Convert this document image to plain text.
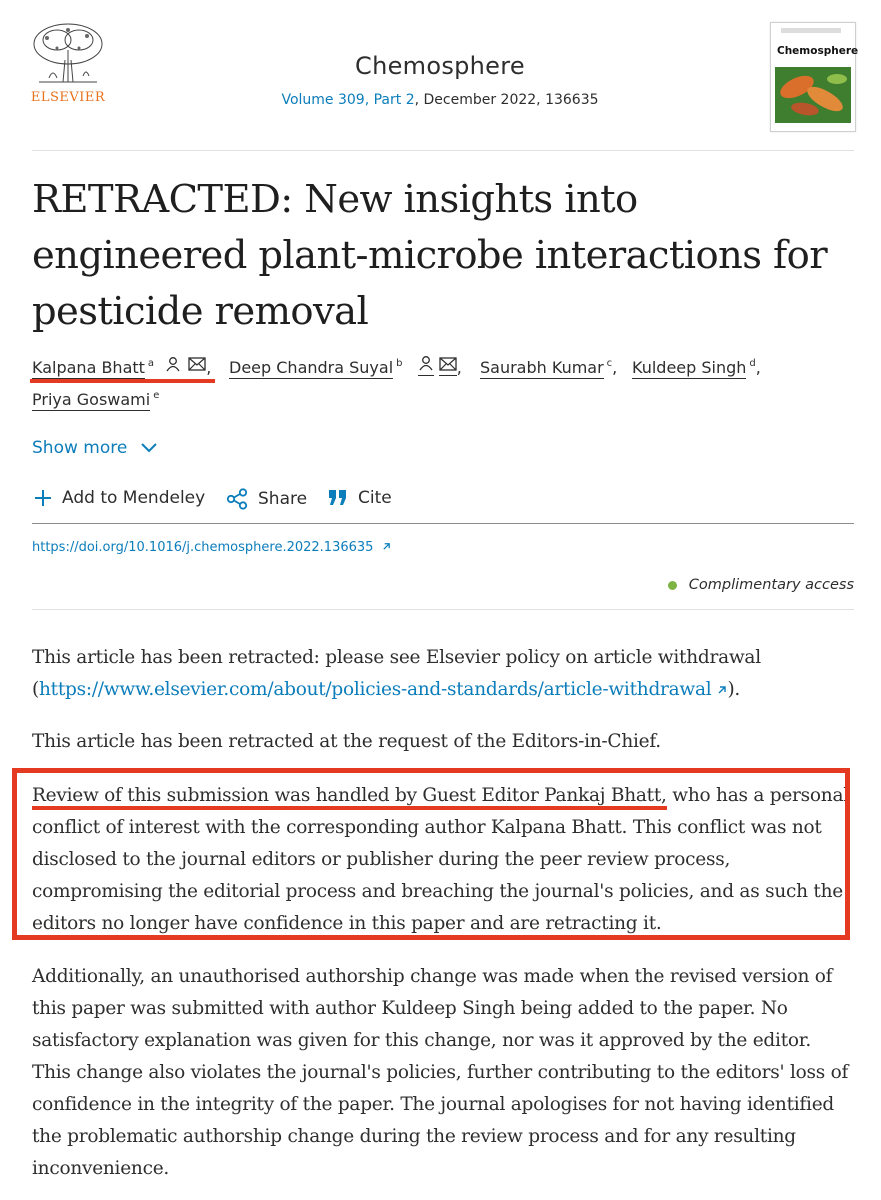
ELSEVIER
Chemosphere
Volume 309, Part 2, December 2022, 136635
Chemosphere
RETRACTED: New insights into engineered plant-microbe interactions for pesticide removal
Kalpana Bhatt $^a$	, Deep Chandra Suyal $^b$	, Saurabh Kumar $^c$, Kuldeep Singh $^d$,
Priya Goswami $^e$
Show more
Add to Mendeley	Share	Cite
https://doi.org/10.1016/j.chemosphere.2022.136635
Complimentary access
This article has been retracted: please see Elsevier policy on article withdrawal (https://www.elsevier.com/about/policies-and-standards/article-withdrawal ).
This article has been retracted at the request of the Editors-in-Chief.
Review of this submission was handled by Guest Editor Pankaj Bhatt, who has a personal conflict of interest with the corresponding author Kalpana Bhatt. This conflict was not disclosed to the journal editors or publisher during the peer review process, compromising the editorial process and breaching the journal's policies, and as such the editors no longer have confidence in this paper and are retracting it.
Additionally, an unauthorised authorship change was made when the revised version of this paper was submitted with author Kuldeep Singh being added to the paper. No satisfactory explanation was given for this change, nor was it approved by the editor. This change also violates the journal's policies, further contributing to the editors' loss of confidence in the integrity of the paper. The journal apologises for not having identified the problematic authorship change during the review process and for any resulting inconvenience.
